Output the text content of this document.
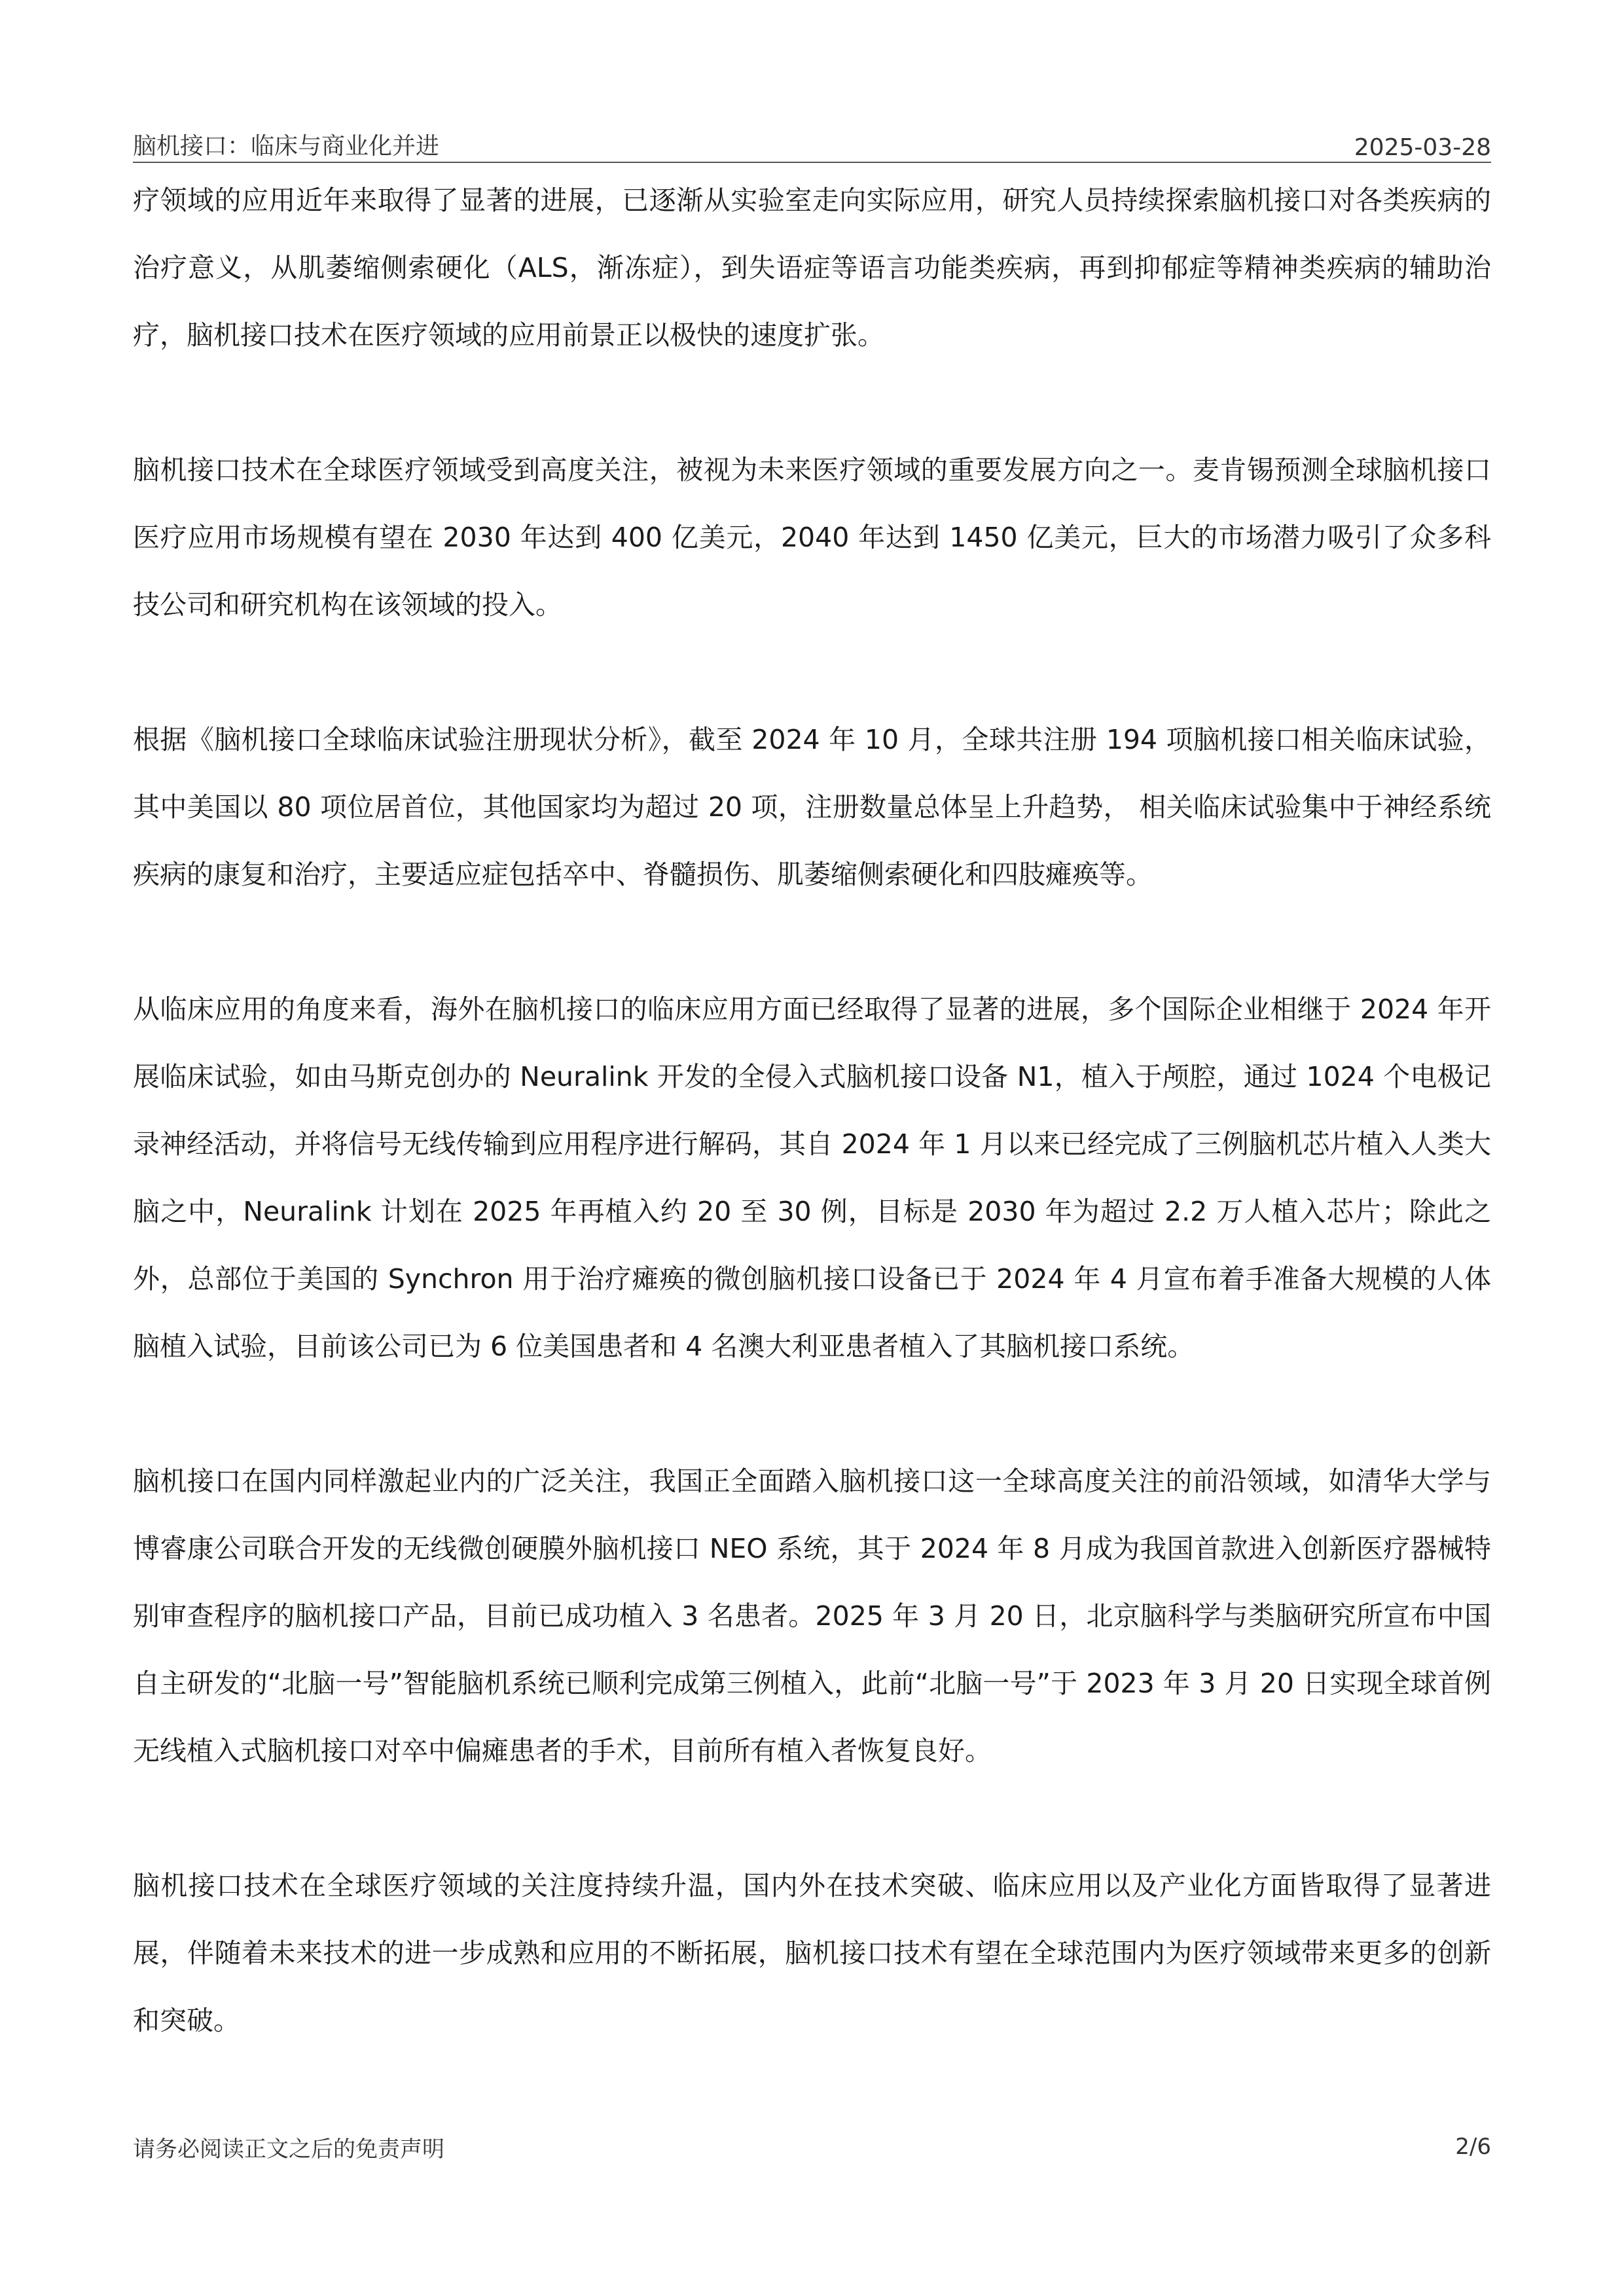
脑机接口：临床与商业化并进	2025-03-28

疗领域的应用近年来取得了显著的进展，已逐渐从实验室走向实际应用，研究人员持续探索脑机接口对各类疾病的治疗意义，从肌萎缩侧索硬化（ALS，渐冻症），到失语症等语言功能类疾病，再到抑郁症等精神类疾病的辅助治疗，脑机接口技术在医疗领域的应用前景正以极快的速度扩张。

脑机接口技术在全球医疗领域受到高度关注，被视为未来医疗领域的重要发展方向之一。麦肯锡预测全球脑机接口医疗应用市场规模有望在 2030 年达到 400 亿美元，2040 年达到 1450 亿美元，巨大的市场潜力吸引了众多科技公司和研究机构在该领域的投入。

根据《脑机接口全球临床试验注册现状分析》，截至 2024 年 10 月，全球共注册 194 项脑机接口相关临床试验，其中美国以 80 项位居首位，其他国家均为超过 20 项，注册数量总体呈上升趋势， 相关临床试验集中于神经系统疾病的康复和治疗，主要适应症包括卒中、脊髓损伤、肌萎缩侧索硬化和四肢瘫痪等。

从临床应用的角度来看，海外在脑机接口的临床应用方面已经取得了显著的进展，多个国际企业相继于 2024 年开展临床试验，如由马斯克创办的 Neuralink 开发的全侵入式脑机接口设备 N1，植入于颅腔，通过 1024 个电极记录神经活动，并将信号无线传输到应用程序进行解码，其自 2024 年 1 月以来已经完成了三例脑机芯片植入人类大脑之中，Neuralink 计划在 2025 年再植入约 20 至 30 例，目标是 2030 年为超过 2.2 万人植入芯片；除此之外，总部位于美国的 Synchron 用于治疗瘫痪的微创脑机接口设备已于 2024 年 4 月宣布着手准备大规模的人体脑植入试验，目前该公司已为 6 位美国患者和 4 名澳大利亚患者植入了其脑机接口系统。

脑机接口在国内同样激起业内的广泛关注，我国正全面踏入脑机接口这一全球高度关注的前沿领域，如清华大学与博睿康公司联合开发的无线微创硬膜外脑机接口 NEO 系统，其于 2024 年 8 月成为我国首款进入创新医疗器械特别审查程序的脑机接口产品，目前已成功植入 3 名患者。2025 年 3 月 20 日，北京脑科学与类脑研究所宣布中国自主研发的“北脑一号”智能脑机系统已顺利完成第三例植入，此前“北脑一号”于 2023 年 3 月 20 日实现全球首例无线植入式脑机接口对卒中偏瘫患者的手术，目前所有植入者恢复良好。

脑机接口技术在全球医疗领域的关注度持续升温，国内外在技术突破、临床应用以及产业化方面皆取得了显著进展，伴随着未来技术的进一步成熟和应用的不断拓展，脑机接口技术有望在全球范围内为医疗领域带来更多的创新和突破。

请务必阅读正文之后的免责声明	2/6
